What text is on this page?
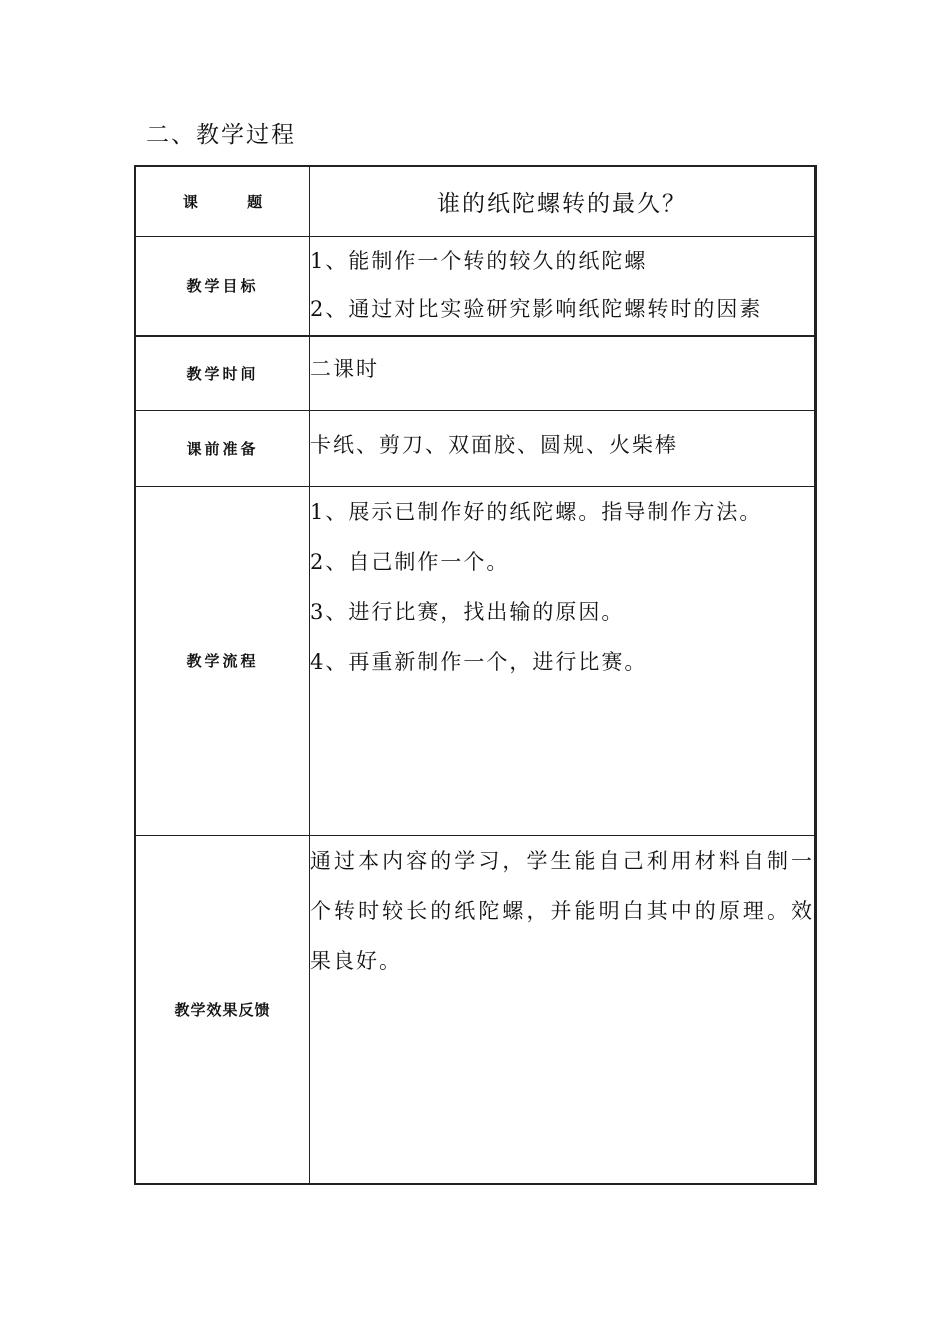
二、教学过程
课 题	谁的纸陀螺转的最久？
教学目标	1、能制作一个转的较久的纸陀螺
2、通过对比实验研究影响纸陀螺转时的因素

教学时间	二课时
课前准备	卡纸、剪刀、双面胶、圆规、火柴棒
教学流程	1、展示已制作好的纸陀螺。指导制作方法。
2、自己制作一个。
3、进行比赛，找出输的原因。
4、再重新制作一个，进行比赛。

教学效果反馈	通过本内容的学习，学生能自己利用材料自制一个转时较长的纸陀螺，并能明白其中的原理。效果良好。
